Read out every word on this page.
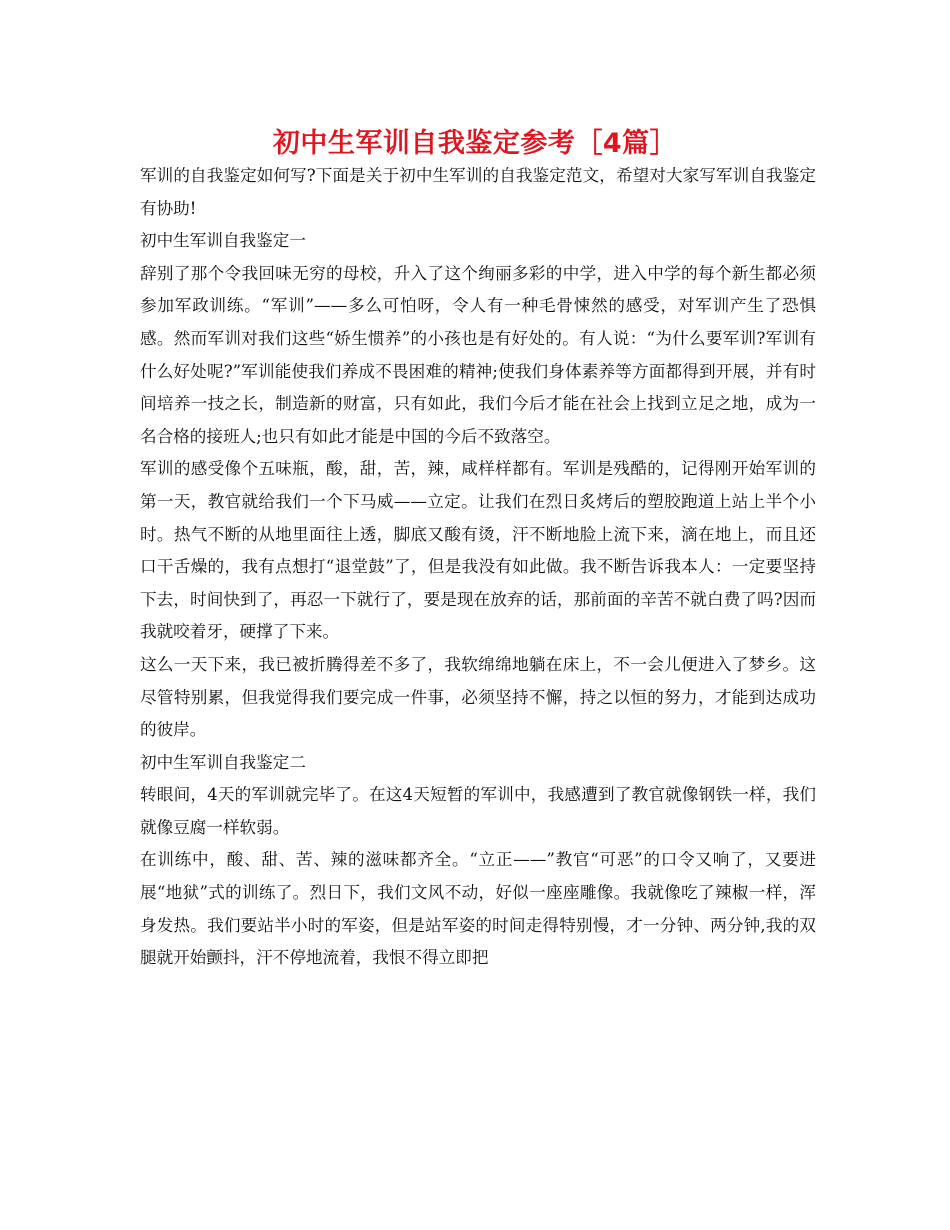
初中生军训自我鉴定参考［4篇］

军训的自我鉴定如何写?下面是关于初中生军训的自我鉴定范文，希望对大家写军训自我鉴定有协助!

初中生军训自我鉴定一

辞别了那个令我回味无穷的母校，升入了这个绚丽多彩的中学，进入中学的每个新生都必须参加军政训练。“军训”——多么可怕呀，令人有一种毛骨悚然的感受，对军训产生了恐惧感。然而军训对我们这些“娇生惯养”的小孩也是有好处的。有人说：“为什么要军训?军训有什么好处呢?”军训能使我们养成不畏困难的精神;使我们身体素养等方面都得到开展，并有时间培养一技之长，制造新的财富，只有如此，我们今后才能在社会上找到立足之地，成为一名合格的接班人;也只有如此才能是中国的今后不致落空。

军训的感受像个五味瓶，酸，甜，苦，辣，咸样样都有。军训是残酷的，记得刚开始军训的第一天，教官就给我们一个下马威——立定。让我们在烈日炙烤后的塑胶跑道上站上半个小时。热气不断的从地里面往上透，脚底又酸有烫，汗不断地脸上流下来，滴在地上，而且还口干舌燥的，我有点想打“退堂鼓”了，但是我没有如此做。我不断告诉我本人：一定要坚持下去，时间快到了，再忍一下就行了，要是现在放弃的话，那前面的辛苦不就白费了吗?因而我就咬着牙，硬撑了下来。

这么一天下来，我已被折腾得差不多了，我软绵绵地躺在床上，不一会儿便进入了梦乡。这尽管特别累，但我觉得我们要完成一件事，必须坚持不懈，持之以恒的努力，才能到达成功的彼岸。

初中生军训自我鉴定二

转眼间，4天的军训就完毕了。在这4天短暂的军训中，我感遭到了教官就像钢铁一样，我们就像豆腐一样软弱。

在训练中，酸、甜、苦、辣的滋味都齐全。“立正——”教官“可恶”的口令又响了，又要进展“地狱”式的训练了。烈日下，我们文风不动，好似一座座雕像。我就像吃了辣椒一样，浑身发热。我们要站半小时的军姿，但是站军姿的时间走得特别慢，才一分钟、两分钟,我的双腿就开始颤抖，汗不停地流着，我恨不得立即把
